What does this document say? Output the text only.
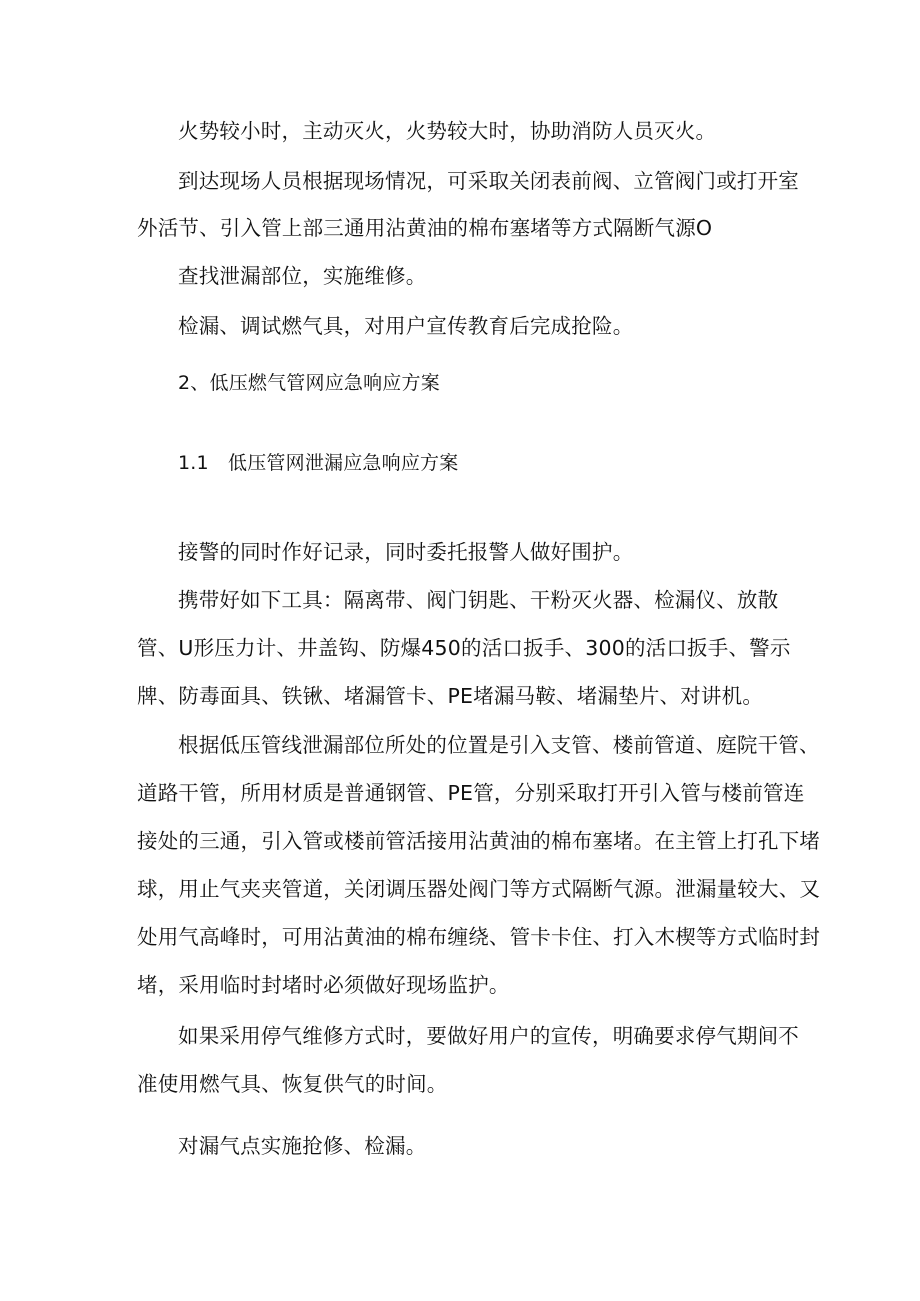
火势较小时，主动灭火，火势较大时，协助消防人员灭火。
到达现场人员根据现场情况，可采取关闭表前阀、立管阀门或打开室
外活节、引入管上部三通用沾黄油的棉布塞堵等方式隔断气源O
查找泄漏部位，实施维修。
检漏、调试燃气具，对用户宣传教育后完成抢险。
2、低压燃气管网应急响应方案
1.1　低压管网泄漏应急响应方案
接警的同时作好记录，同时委托报警人做好围护。
携带好如下工具：隔离带、阀门钥匙、干粉灭火器、检漏仪、放散
管、U形压力计、井盖钩、防爆450的活口扳手、300的活口扳手、警示
牌、防毒面具、铁锹、堵漏管卡、PE堵漏马鞍、堵漏垫片、对讲机。
根据低压管线泄漏部位所处的位置是引入支管、楼前管道、庭院干管、
道路干管，所用材质是普通钢管、PE管，分别采取打开引入管与楼前管连
接处的三通，引入管或楼前管活接用沾黄油的棉布塞堵。在主管上打孔下堵
球，用止气夹夹管道，关闭调压器处阀门等方式隔断气源。泄漏量较大、又
处用气高峰时，可用沾黄油的棉布缠绕、管卡卡住、打入木楔等方式临时封
堵，采用临时封堵时必须做好现场监护。
如果采用停气维修方式时，要做好用户的宣传，明确要求停气期间不
准使用燃气具、恢复供气的时间。
对漏气点实施抢修、检漏。
